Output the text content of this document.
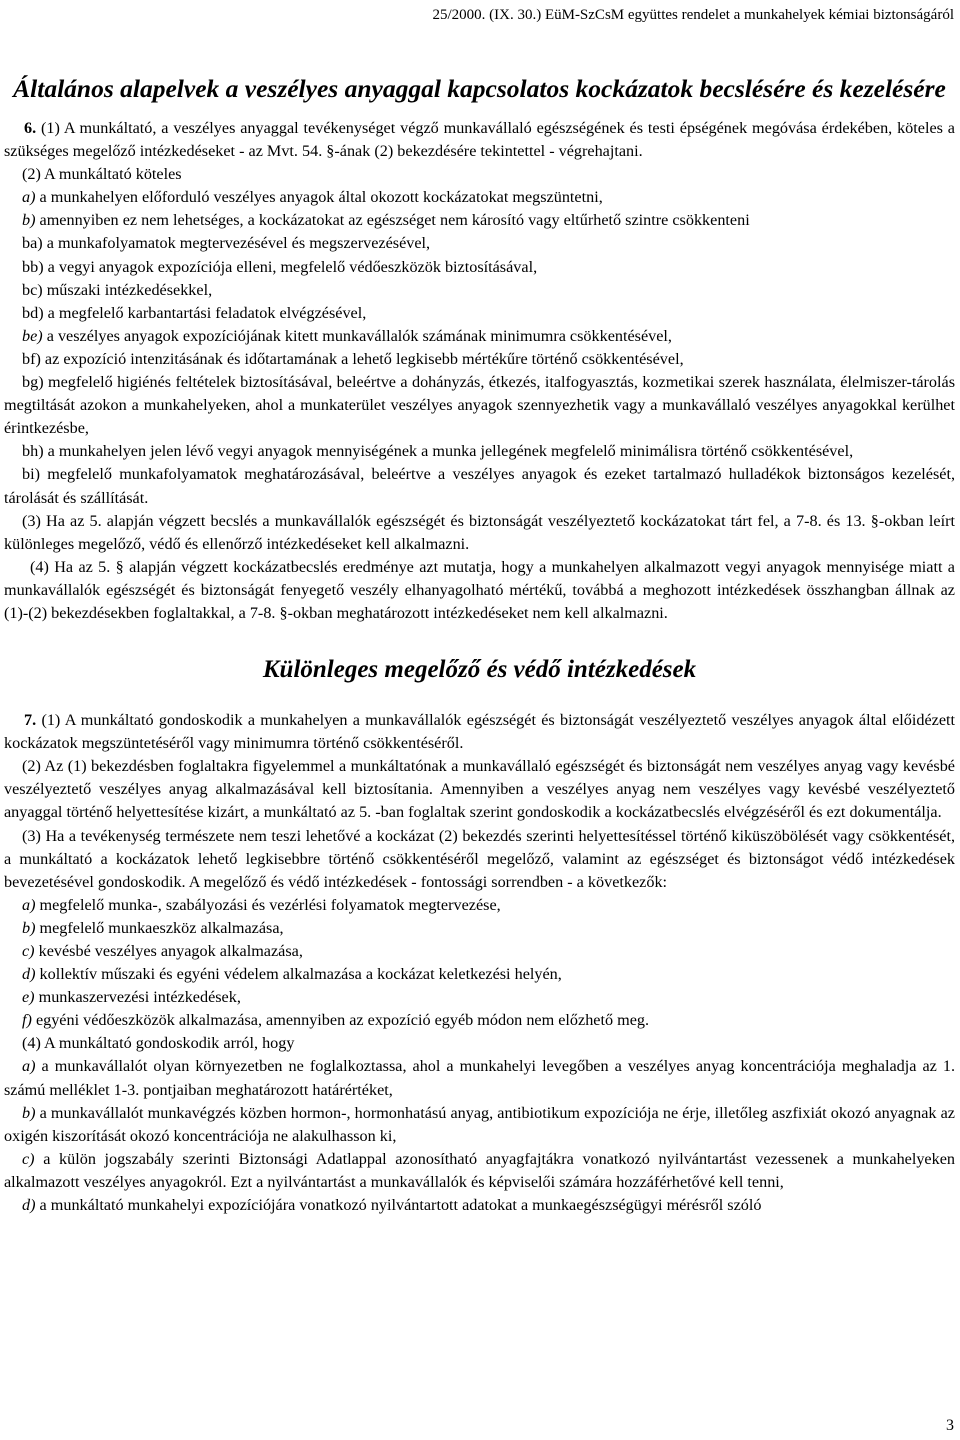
25/2000. (IX. 30.) EüM-SzCsM együttes rendelet a munkahelyek kémiai biztonságáról
Általános alapelvek a veszélyes anyaggal kapcsolatos kockázatok becslésére és kezelésére

6. (1) A munkáltató, a veszélyes anyaggal tevékenységet végző munkavállaló egészségének és testi épségének megóvása érdekében, köteles a szükséges megelőző intézkedéseket - az Mvt. 54. §-ának (2) bekezdésére tekintettel - végrehajtani.

(2) A munkáltató köteles

a) a munkahelyen előforduló veszélyes anyagok által okozott kockázatokat megszüntetni,

b) amennyiben ez nem lehetséges, a kockázatokat az egészséget nem károsító vagy eltűrhető szintre csökkenteni

ba) a munkafolyamatok megtervezésével és megszervezésével,

bb) a vegyi anyagok expozíciója elleni, megfelelő védőeszközök biztosításával,

bc) műszaki intézkedésekkel,

bd) a megfelelő karbantartási feladatok elvégzésével,

be) a veszélyes anyagok expozíciójának kitett munkavállalók számának minimumra csökkentésével,

bf) az expozíció intenzitásának és időtartamának a lehető legkisebb mértékűre történő csökkentésével,

bg) megfelelő higiénés feltételek biztosításával, beleértve a dohányzás, étkezés, italfogyasztás, kozmetikai szerek használata, élelmiszer-tárolás megtiltását azokon a munkahelyeken, ahol a munkaterület veszélyes anyagok szennyezhetik vagy a munkavállaló veszélyes anyagokkal kerülhet érintkezésbe,

bh) a munkahelyen jelen lévő vegyi anyagok mennyiségének a munka jellegének megfelelő minimálisra történő csökkentésével,

bi) megfelelő munkafolyamatok meghatározásával, beleértve a veszélyes anyagok és ezeket tartalmazó hulladékok biztonságos kezelését, tárolását és szállítását.

(3) Ha az 5. alapján végzett becslés a munkavállalók egészségét és biztonságát veszélyeztető kockázatokat tárt fel, a 7-8. és 13. §-okban leírt különleges megelőző, védő és ellenőrző intézkedéseket kell alkalmazni.

(4) Ha az 5. § alapján végzett kockázatbecslés eredménye azt mutatja, hogy a munkahelyen alkalmazott vegyi anyagok mennyisége miatt a munkavállalók egészségét és biztonságát fenyegető veszély elhanyagolható mértékű, továbbá a meghozott intézkedések összhangban állnak az (1)-(2) bekezdésekben foglaltakkal, a 7-8. §-okban meghatározott intézkedéseket nem kell alkalmazni.

Különleges megelőző és védő intézkedések

7. (1) A munkáltató gondoskodik a munkahelyen a munkavállalók egészségét és biztonságát veszélyeztető veszélyes anyagok által előidézett kockázatok megszüntetéséről vagy minimumra történő csökkentéséről.

(2) Az (1) bekezdésben foglaltakra figyelemmel a munkáltatónak a munkavállaló egészségét és biztonságát nem veszélyes anyag vagy kevésbé veszélyeztető veszélyes anyag alkalmazásával kell biztosítania. Amennyiben a veszélyes anyag nem veszélyes vagy kevésbé veszélyeztető anyaggal történő helyettesítése kizárt, a munkáltató az 5. -ban foglaltak szerint gondoskodik a kockázatbecslés elvégzéséről és ezt dokumentálja.

(3) Ha a tevékenység természete nem teszi lehetővé a kockázat (2) bekezdés szerinti helyettesítéssel történő kiküszöbölését vagy csökkentését, a munkáltató a kockázatok lehető legkisebbre történő csökkentéséről megelőző, valamint az egészséget és biztonságot védő intézkedések bevezetésével gondoskodik. A megelőző és védő intézkedések - fontossági sorrendben - a következők:

a) megfelelő munka-, szabályozási és vezérlési folyamatok megtervezése,

b) megfelelő munkaeszköz alkalmazása,

c) kevésbé veszélyes anyagok alkalmazása,

d) kollektív műszaki és egyéni védelem alkalmazása a kockázat keletkezési helyén,

e) munkaszervezési intézkedések,

f) egyéni védőeszközök alkalmazása, amennyiben az expozíció egyéb módon nem előzhető meg.

(4) A munkáltató gondoskodik arról, hogy

a) a munkavállalót olyan környezetben ne foglalkoztassa, ahol a munkahelyi levegőben a veszélyes anyag koncentrációja meghaladja az 1. számú melléklet 1-3. pontjaiban meghatározott határértéket,

b) a munkavállalót munkavégzés közben hormon-, hormonhatású anyag, antibiotikum expozíciója ne érje, illetőleg aszfixiát okozó anyagnak az oxigén kiszorítását okozó koncentrációja ne alakulhasson ki,

c) a külön jogszabály szerinti Biztonsági Adatlappal azonosítható anyagfajtákra vonatkozó nyilvántartást vezessenek a munkahelyeken alkalmazott veszélyes anyagokról. Ezt a nyilvántartást a munkavállalók és képviselői számára hozzáférhetővé kell tenni,

d) a munkáltató munkahelyi expozíciójára vonatkozó nyilvántartott adatokat a munkaegészségügyi mérésről szóló

3
